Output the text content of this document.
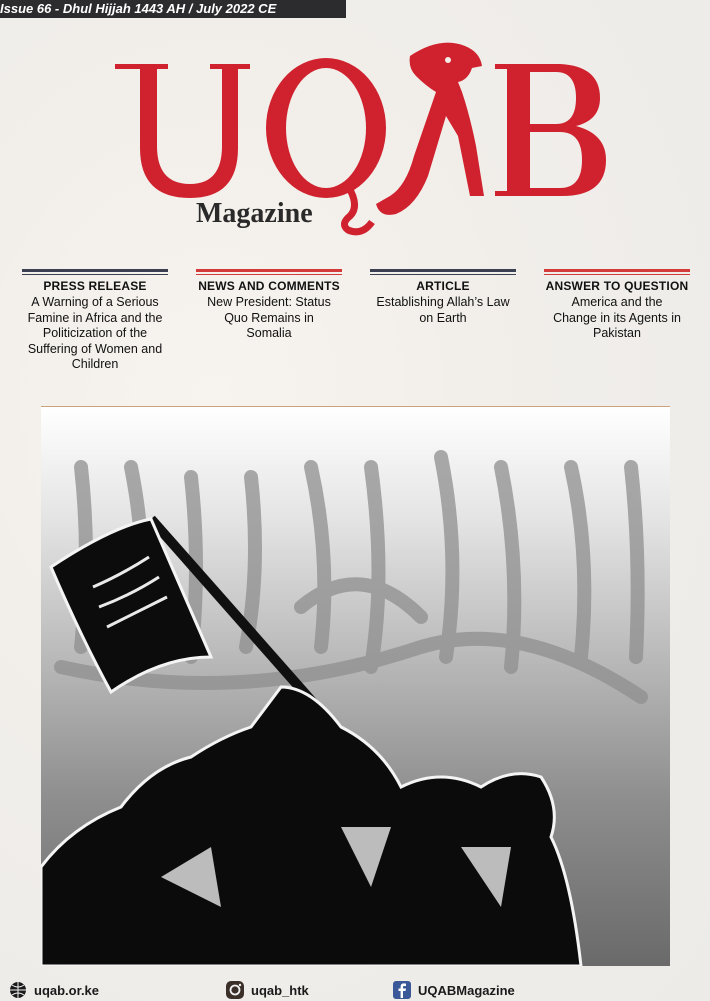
Issue 66 - Dhul Hijjah 1443 AH / July 2022 CE
Magazine
PRESS RELEASE
A Warning of a Serious Famine in Africa and the Politicization of the Suffering of Women and Children
NEWS AND COMMENTS
New President: Status Quo Remains in Somalia
ARTICLE
Establishing Allah’s Law on Earth
ANSWER TO QUESTION
America and the Change in its Agents in Pakistan
uqab.or.ke	uqab_htk	UQABMagazine
